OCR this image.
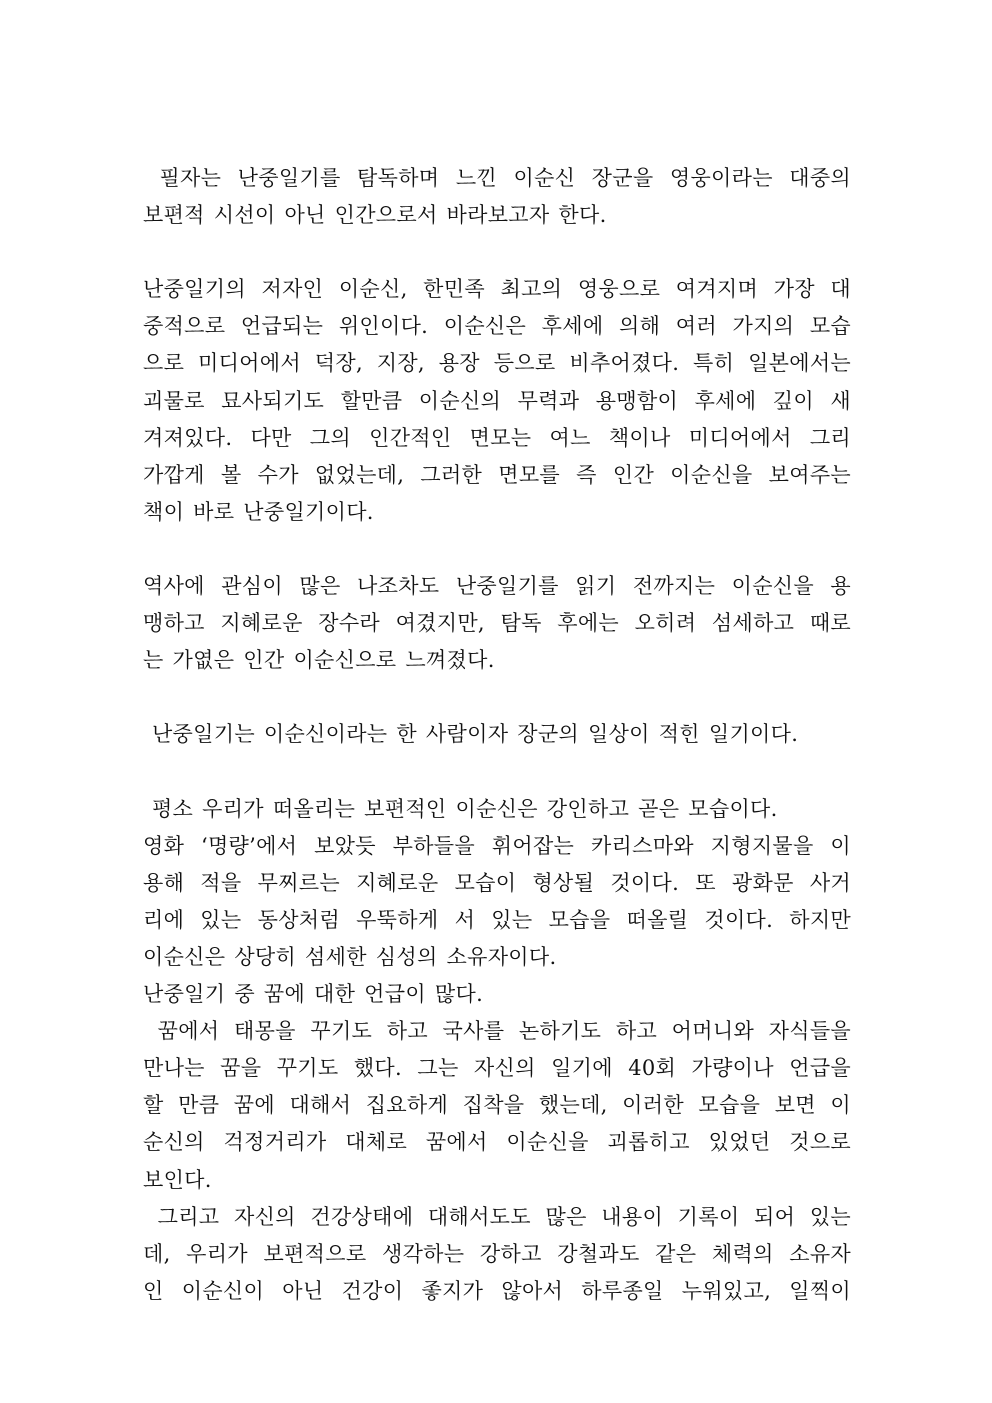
필자는 난중일기를 탐독하며 느낀 이순신 장군을 영웅이라는 대중의
보편적 시선이 아닌 인간으로서 바라보고자 한다.
난중일기의 저자인 이순신, 한민족 최고의 영웅으로 여겨지며 가장 대
중적으로 언급되는 위인이다. 이순신은 후세에 의해 여러 가지의 모습
으로 미디어에서 덕장, 지장, 용장 등으로 비추어졌다. 특히 일본에서는
괴물로 묘사되기도 할만큼 이순신의 무력과 용맹함이 후세에 깊이 새
겨져있다. 다만 그의 인간적인 면모는 여느 책이나 미디어에서 그리
가깝게 볼 수가 없었는데, 그러한 면모를 즉 인간 이순신을 보여주는
책이 바로 난중일기이다.
역사에 관심이 많은 나조차도 난중일기를 읽기 전까지는 이순신을 용
맹하고 지혜로운 장수라 여겼지만, 탐독 후에는 오히려 섬세하고 때로
는 가엾은 인간 이순신으로 느껴졌다.
난중일기는 이순신이라는 한 사람이자 장군의 일상이 적힌 일기이다.
평소 우리가 떠올리는 보편적인 이순신은 강인하고 곧은 모습이다.
영화 ‘명량’에서 보았듯 부하들을 휘어잡는 카리스마와 지형지물을 이
용해 적을 무찌르는 지혜로운 모습이 형상될 것이다. 또 광화문 사거
리에 있는 동상처럼 우뚝하게 서 있는 모습을 떠올릴 것이다. 하지만
이순신은 상당히 섬세한 심성의 소유자이다.
난중일기 중 꿈에 대한 언급이 많다.
꿈에서 태몽을 꾸기도 하고 국사를 논하기도 하고 어머니와 자식들을
만나는 꿈을 꾸기도 했다. 그는 자신의 일기에 40회 가량이나 언급을
할 만큼 꿈에 대해서 집요하게 집착을 했는데, 이러한 모습을 보면 이
순신의 걱정거리가 대체로 꿈에서 이순신을 괴롭히고 있었던 것으로
보인다.
그리고 자신의 건강상태에 대해서도도 많은 내용이 기록이 되어 있는
데, 우리가 보편적으로 생각하는 강하고 강철과도 같은 체력의 소유자
인 이순신이 아닌 건강이 좋지가 않아서 하루종일 누워있고, 일찍이
